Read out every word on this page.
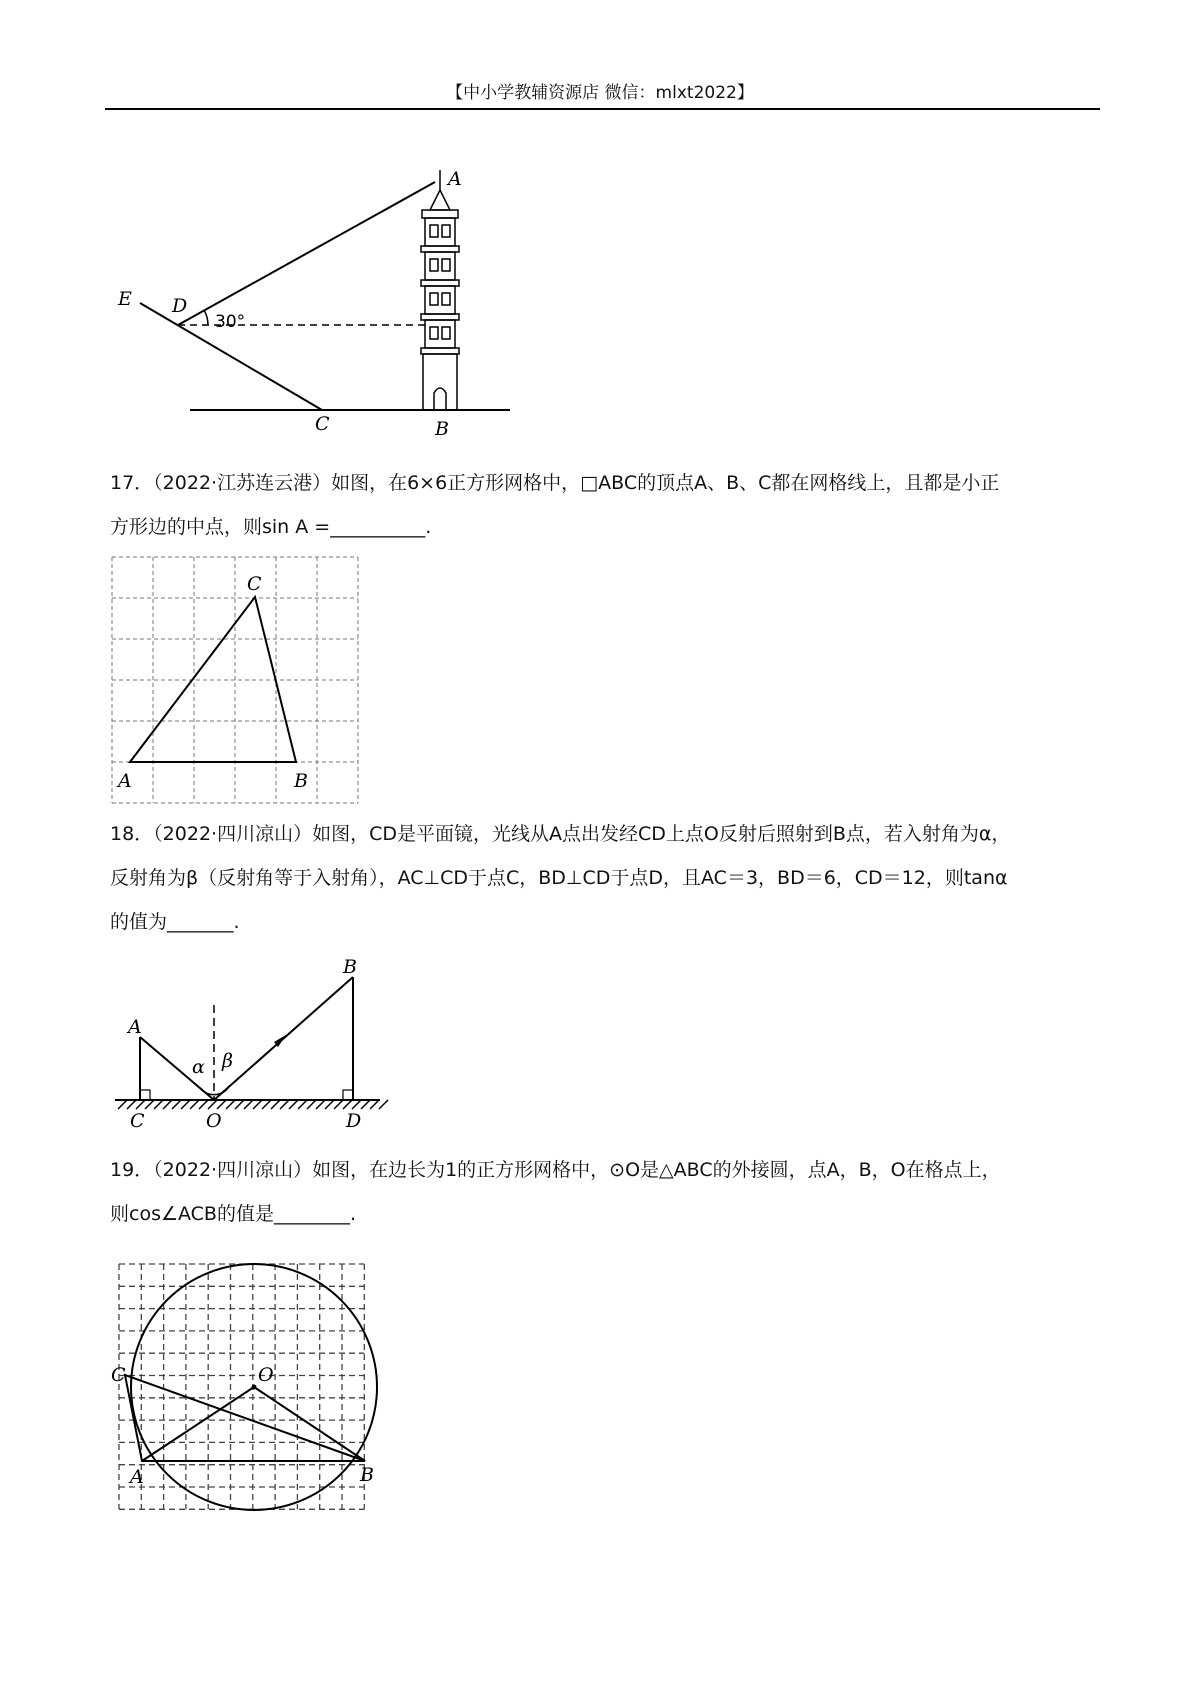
【中小学教辅资源店 微信：mlxt2022】
A
B
C
D
E
30°
17．（2022·江苏连云港）如图，在6×6正方形网格中，□ABC的顶点A、B、C都在网格线上，且都是小正
方形边的中点，则sin A =__________.
A	B
C
18．（2022·四川凉山）如图，CD是平面镜，光线从A点出发经CD上点O反射后照射到B点，若入射角为α，
反射角为β（反射角等于入射角），AC⊥CD于点C，BD⊥CD于点D，且AC＝3，BD＝6，CD＝12，则tanα
的值为_______.
A
B
C	O	D
α β
19．（2022·四川凉山）如图，在边长为1的正方形网格中，⊙O是△ABC的外接圆，点A，B，O在格点上，
则cos∠ACB的值是________.
A	B
C	O
